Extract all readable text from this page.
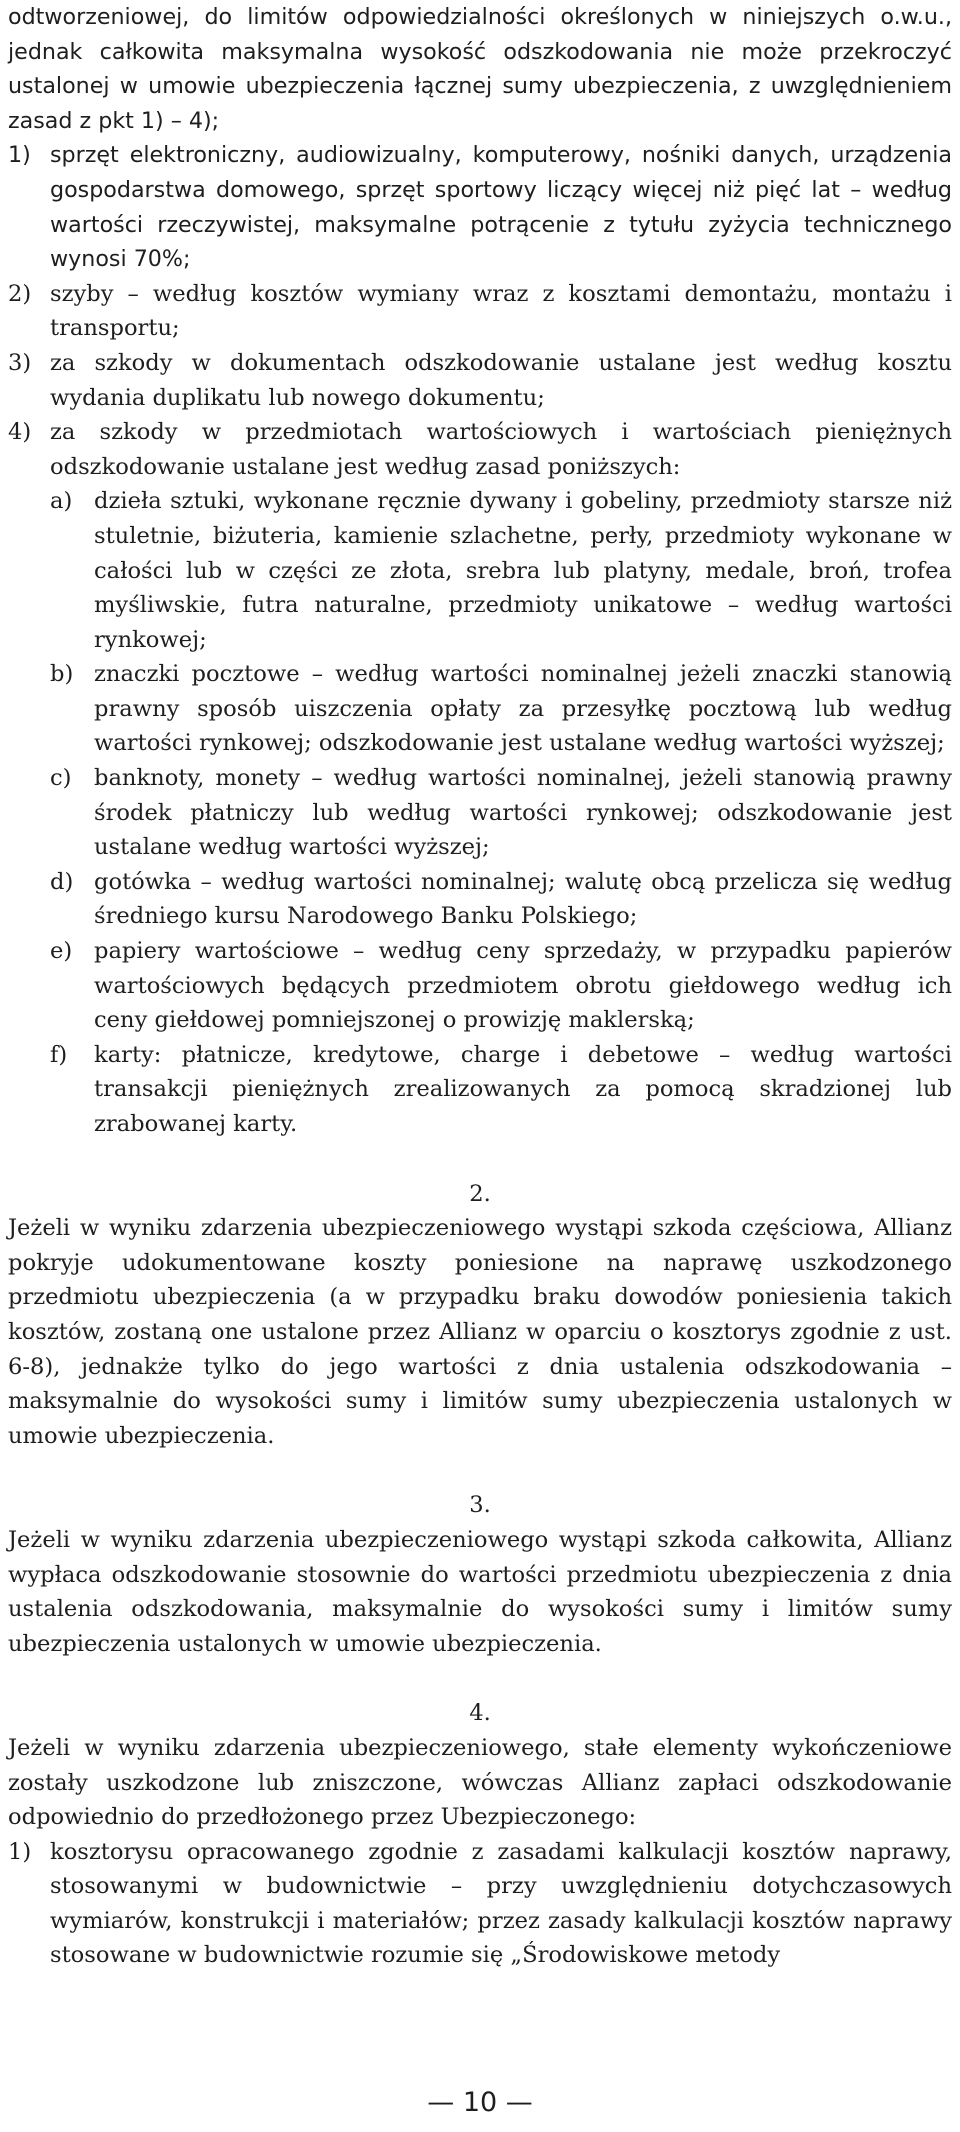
odtworzeniowej, do limitów odpowiedzialności określonych w niniejszych o.w.u., jednak całkowita maksymalna wysokość odszkodowania nie może przekroczyć ustalonej w umowie ubezpieczenia łącznej sumy ubezpieczenia, z uwzględnieniem zasad z pkt 1) – 4);

1) sprzęt elektroniczny, audiowizualny, komputerowy, nośniki danych, urządzenia gospodarstwa domowego, sprzęt sportowy liczący więcej niż pięć lat – według wartości rzeczywistej, maksymalne potrącenie z tytułu zyżycia technicznego wynosi 70%;
2) szyby – według kosztów wymiany wraz z kosztami demontażu, montażu i transportu;
3) za szkody w dokumentach odszkodowanie ustalane jest według kosztu wydania duplikatu lub nowego dokumentu;
4) za szkody w przedmiotach wartościowych i wartościach pieniężnych odszkodowanie ustalane jest według zasad poniższych:
a) dzieła sztuki, wykonane ręcznie dywany i gobeliny, przedmioty starsze niż stuletnie, biżuteria, kamienie szlachetne, perły, przedmioty wykonane w całości lub w części ze złota, srebra lub platyny, medale, broń, trofea myśliwskie, futra naturalne, przedmioty unikatowe – według wartości rynkowej;
b) znaczki pocztowe – według wartości nominalnej jeżeli znaczki stanowią prawny sposób uiszczenia opłaty za przesyłkę pocztową lub według wartości rynkowej; odszkodowanie jest ustalane według wartości wyższej;
c) banknoty, monety – według wartości nominalnej, jeżeli stanowią prawny środek płatniczy lub według wartości rynkowej; odszkodowanie jest ustalane według wartości wyższej;
d) gotówka – według wartości nominalnej; walutę obcą przelicza się według średniego kursu Narodowego Banku Polskiego;
e) papiery wartościowe – według ceny sprzedaży, w przypadku papierów wartościowych będących przedmiotem obrotu giełdowego według ich ceny giełdowej pomniejszonej o prowizję maklerską;
f) karty: płatnicze, kredytowe, charge i debetowe – według wartości transakcji pieniężnych zrealizowanych za pomocą skradzionej lub zrabowanej karty.

2.

Jeżeli w wyniku zdarzenia ubezpieczeniowego wystąpi szkoda częściowa, Allianz pokryje udokumentowane koszty poniesione na naprawę uszkodzonego przedmiotu ubezpieczenia (a w przypadku braku dowodów poniesienia takich kosztów, zostaną one ustalone przez Allianz w oparciu o kosztorys zgodnie z ust. 6-8), jednakże tylko do jego wartości z dnia ustalenia odszkodowania – maksymalnie do wysokości sumy i limitów sumy ubezpieczenia ustalonych w umowie ubezpieczenia.

3.

Jeżeli w wyniku zdarzenia ubezpieczeniowego wystąpi szkoda całkowita, Allianz wypłaca odszkodowanie stosownie do wartości przedmiotu ubezpieczenia z dnia ustalenia odszkodowania, maksymalnie do wysokości sumy i limitów sumy ubezpieczenia ustalonych w umowie ubezpieczenia.

4.

Jeżeli w wyniku zdarzenia ubezpieczeniowego, stałe elementy wykończeniowe zostały uszkodzone lub zniszczone, wówczas Allianz zapłaci odszkodowanie odpowiednio do przedłożonego przez Ubezpieczonego:

1) kosztorysu opracowanego zgodnie z zasadami kalkulacji kosztów naprawy, stosowanymi w budownictwie – przy uwzględnieniu dotychczasowych wymiarów, konstrukcji i materiałów; przez zasady kalkulacji kosztów naprawy stosowane w budownictwie rozumie się „Środowiskowe metody
— 10 —
